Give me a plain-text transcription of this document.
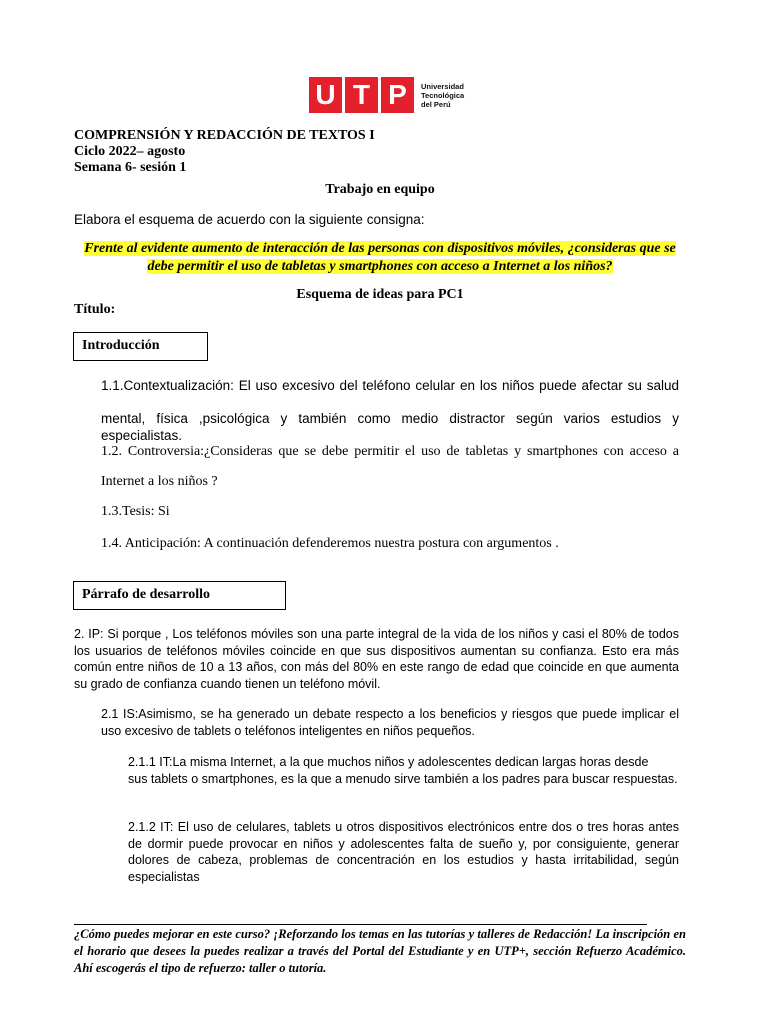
U T P	Universidad
Tecnológica
del Perú
COMPRENSIÓN Y REDACCIÓN DE TEXTOS I
Ciclo 2022– agosto
Semana 6- sesión 1
Trabajo en equipo
Elabora el esquema de acuerdo con la siguiente consigna:
Frente al evidente aumento de interacción de las personas con dispositivos móviles, ¿consideras que se
debe permitir el uso de tabletas y smartphones con acceso a Internet a los niños?
Esquema de ideas para PC1
Título:
Introducción
1.1.Contextualización: El uso excesivo del teléfono celular en los niños puede afectar su salud
mental, física ,psicológica y también como medio distractor según varios estudios y especialistas.
1.2. Controversia:¿Consideras que se debe permitir el uso de tabletas y smartphones con acceso a
Internet a los niños ?
1.3.Tesis: Si
1.4. Anticipación: A continuación defenderemos nuestra postura con argumentos .
Párrafo de desarrollo
2. IP: Si porque , Los teléfonos móviles son una parte integral de la vida de los niños y casi el 80% de todos los usuarios de teléfonos móviles coincide en que sus dispositivos aumentan su confianza. Esto era más común entre niños de 10 a 13 años, con más del 80% en este rango de edad que coincide en que aumenta su grado de confianza cuando tienen un teléfono móvil.
2.1 IS:Asimismo, se ha generado un debate respecto a los beneficios y riesgos que puede implicar el uso excesivo de tablets o teléfonos inteligentes en niños pequeños.
2.1.1 IT:La misma Internet, a la que muchos niños y adolescentes dedican largas horas desde
sus tablets o smartphones, es la que a menudo sirve también a los padres para buscar respuestas.
2.1.2 IT: El uso de celulares, tablets u otros dispositivos electrónicos entre dos o tres horas antes de dormir puede provocar en niños y adolescentes falta de sueño y, por consiguiente, generar dolores de cabeza, problemas de concentración en los estudios y hasta irritabilidad, según especialistas
¿Cómo puedes mejorar en este curso? ¡Reforzando los temas en las tutorías y talleres de Redacción! La inscripción en el horario que desees la puedes realizar a través del Portal del Estudiante y en UTP+, sección Refuerzo Académico. Ahí escogerás el tipo de refuerzo: taller o tutoría.
